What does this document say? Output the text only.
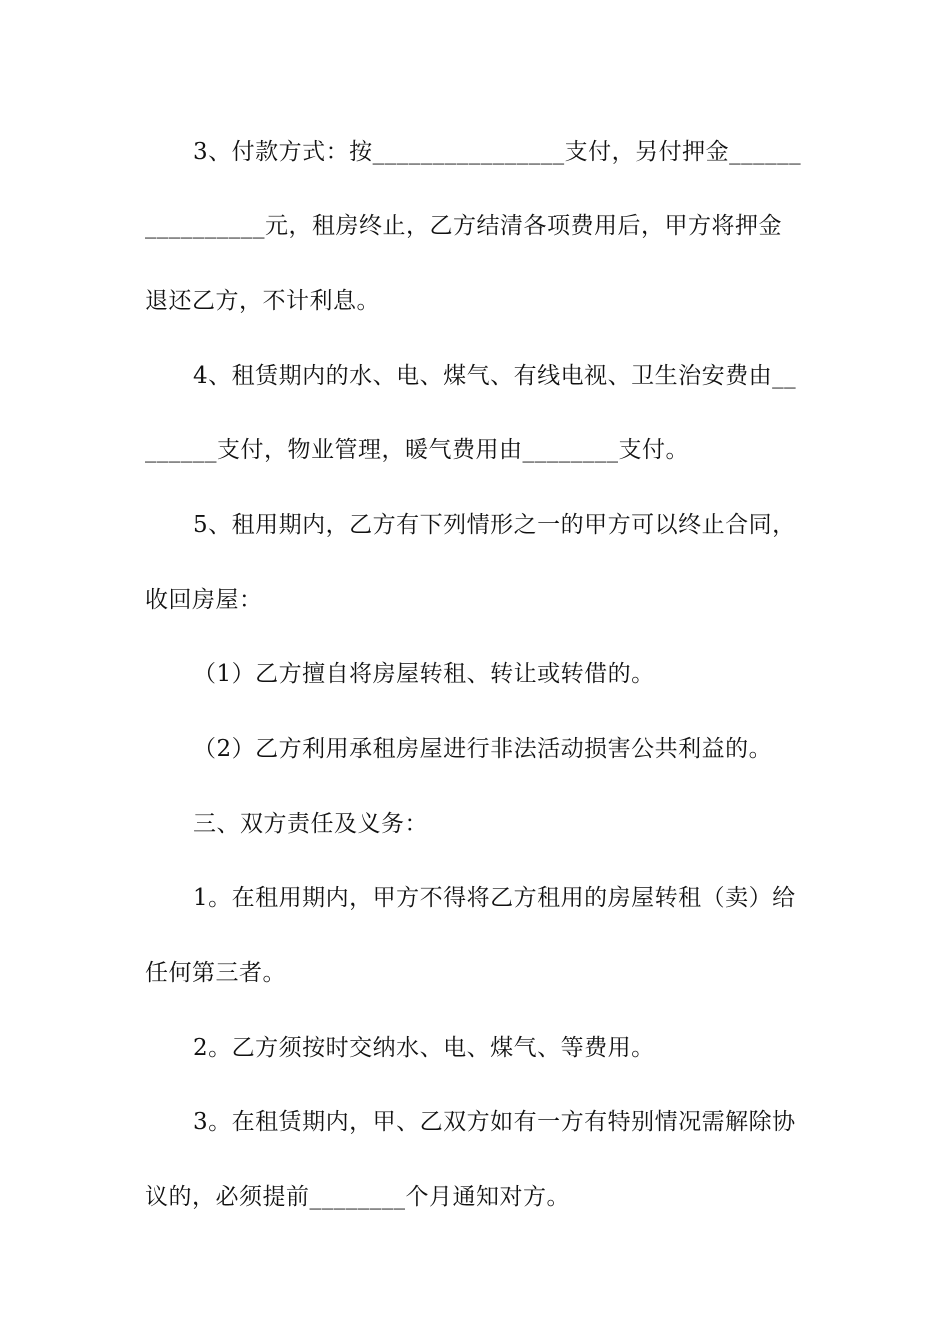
3、付款方式：按________________支付，另付押金______
__________元，租房终止，乙方结清各项费用后，甲方将押金
退还乙方，不计利息。
4、租赁期内的水、电、煤气、有线电视、卫生治安费由__
______支付，物业管理，暖气费用由________支付。
5、租用期内，乙方有下列情形之一的甲方可以终止合同，
收回房屋：
（1）乙方擅自将房屋转租、转让或转借的。
（2）乙方利用承租房屋进行非法活动损害公共利益的。
三、双方责任及义务：
1。在租用期内，甲方不得将乙方租用的房屋转租（卖）给
任何第三者。
2。乙方须按时交纳水、电、煤气、等费用。
3。在租赁期内，甲、乙双方如有一方有特别情况需解除协
议的，必须提前________个月通知对方。
